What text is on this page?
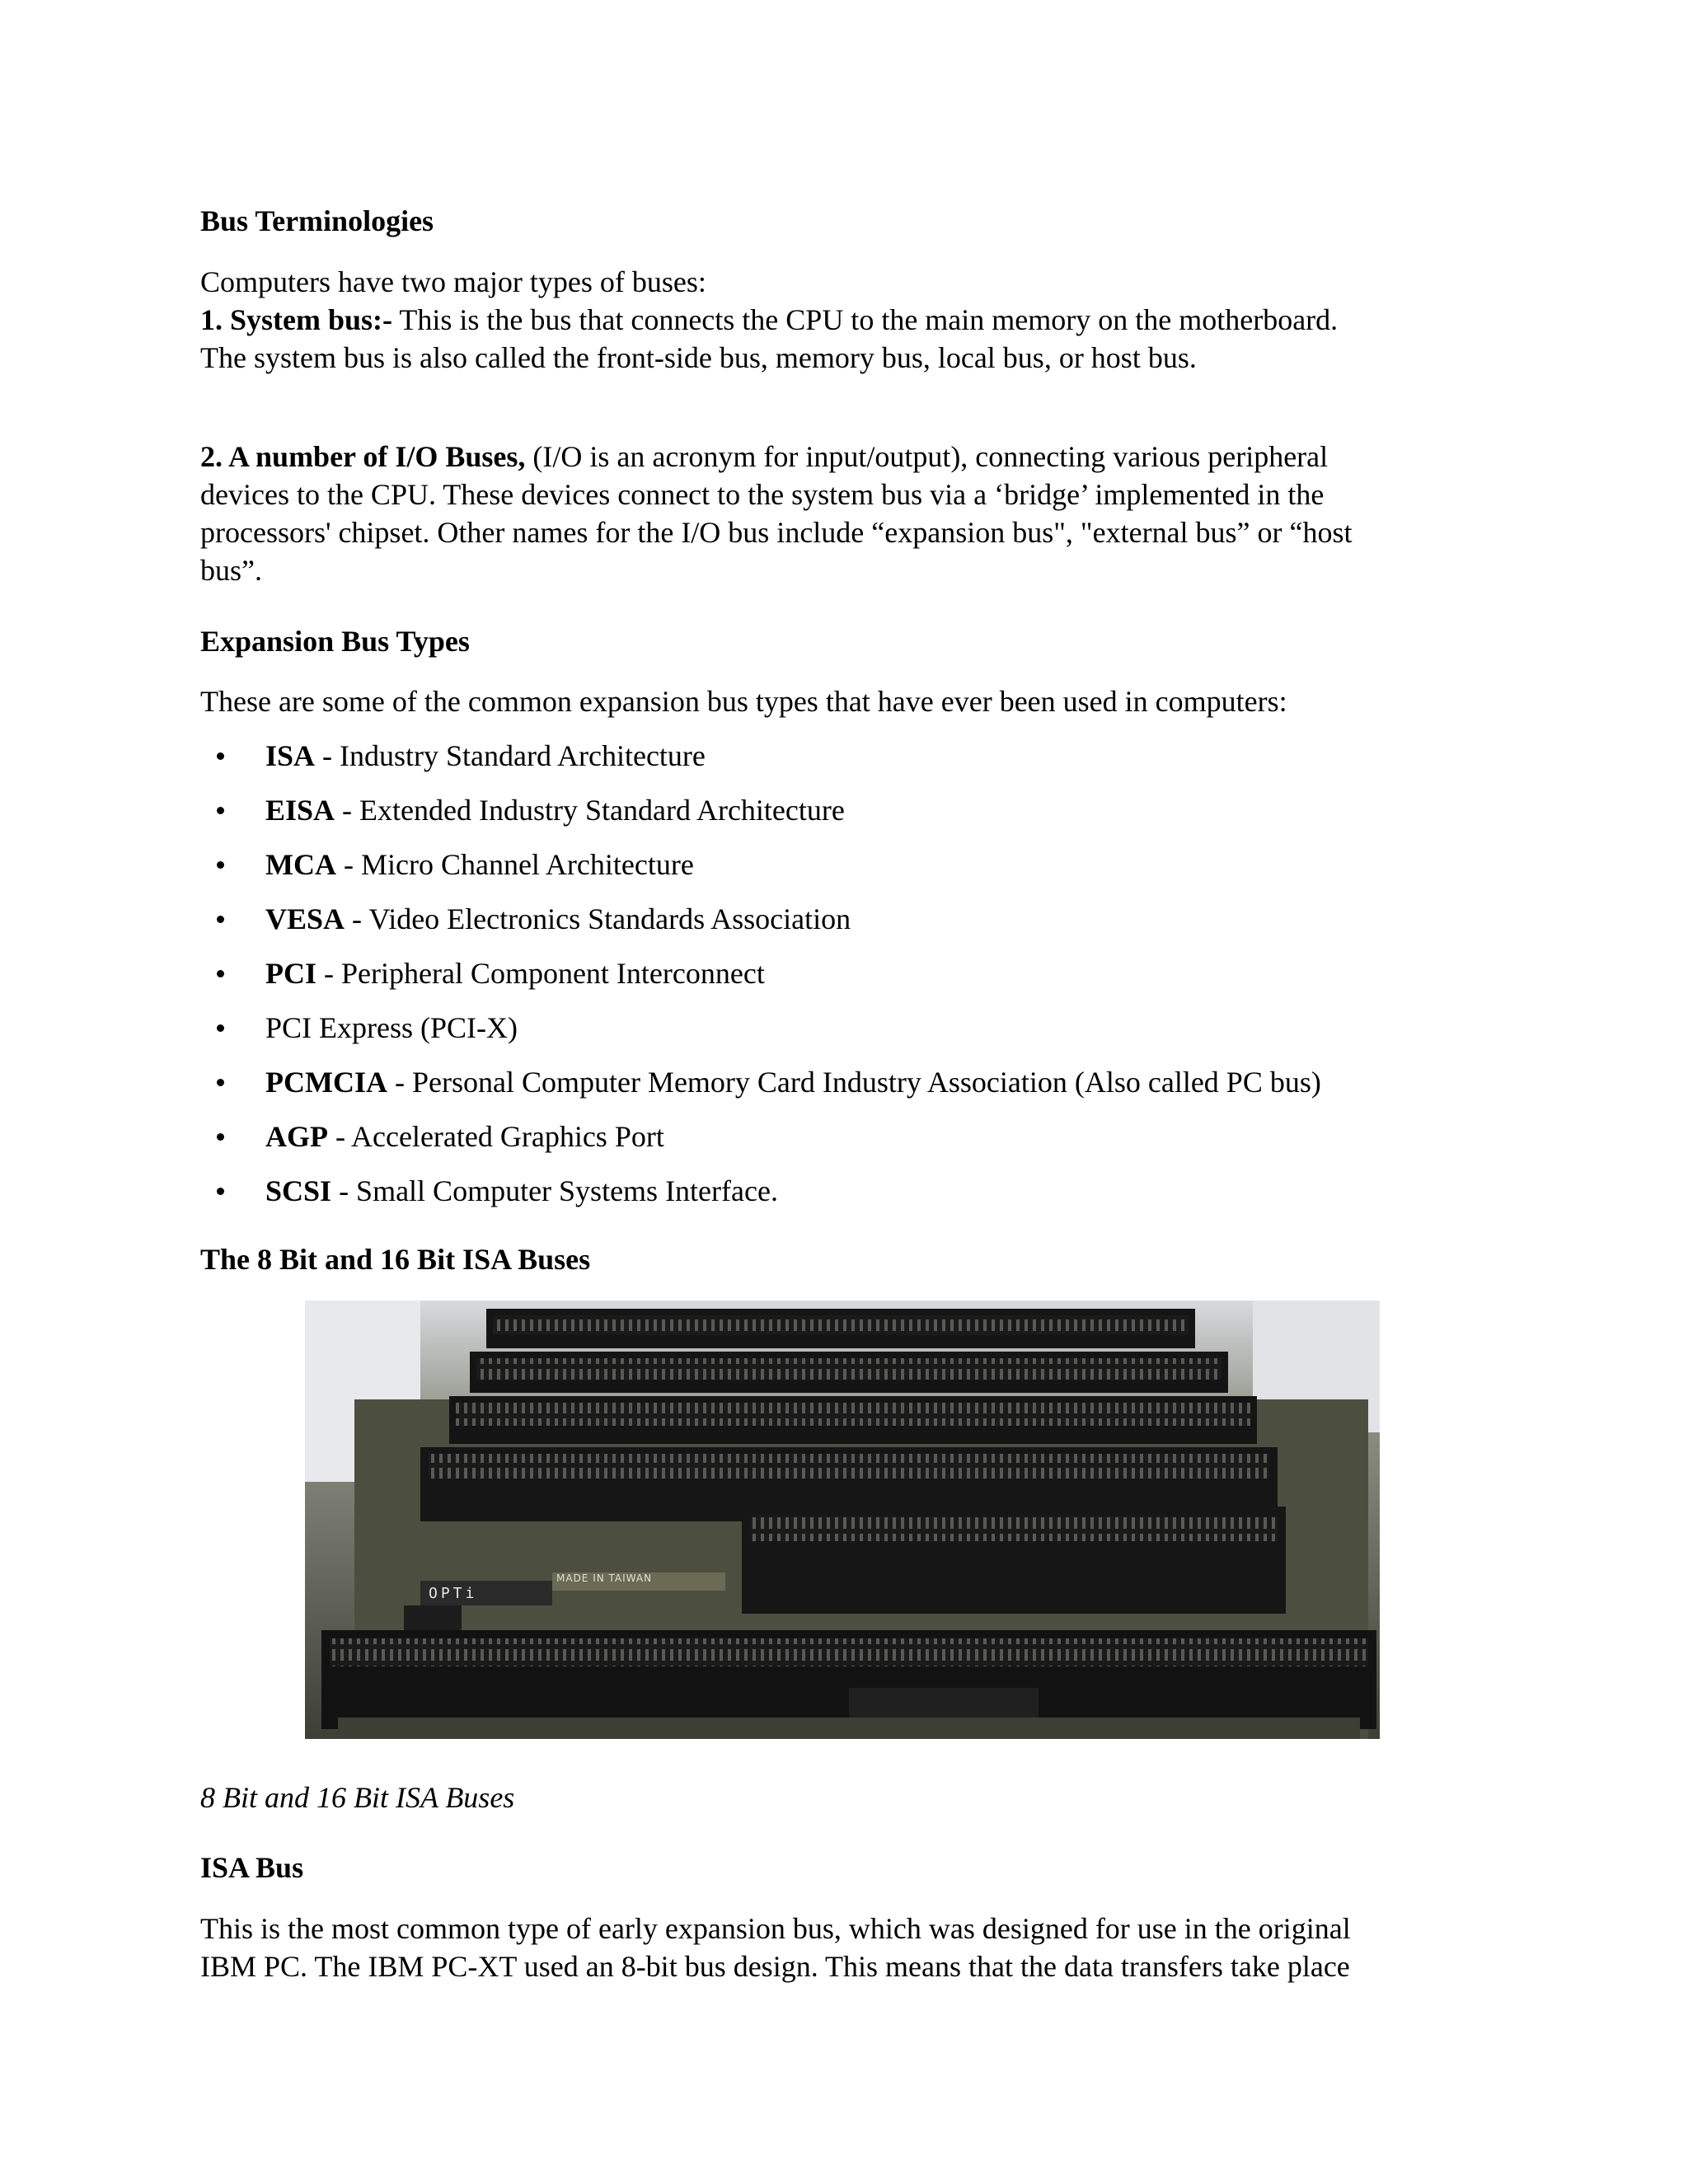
Bus Terminologies

Computers have two major types of buses:

1. System bus:- This is the bus that connects the CPU to the main memory on the motherboard.

The system bus is also called the front-side bus, memory bus, local bus, or host bus.

2. A number of I/O Buses, (I/O is an acronym for input/output), connecting various peripheral

devices to the CPU. These devices connect to the system bus via a ‘bridge’ implemented in the

processors' chipset. Other names for the I/O bus include “expansion bus", "external bus” or “host

bus”.

Expansion Bus Types

These are some of the common expansion bus types that have ever been used in computers:

ISA - Industry Standard Architecture
EISA - Extended Industry Standard Architecture
MCA - Micro Channel Architecture
VESA - Video Electronics Standards Association
PCI - Peripheral Component Interconnect
PCI Express (PCI-X)
PCMCIA - Personal Computer Memory Card Industry Association (Also called PC bus)
AGP - Accelerated Graphics Port
SCSI - Small Computer Systems Interface.

The 8 Bit and 16 Bit ISA Buses

8 Bit and 16 Bit ISA Buses

ISA Bus

This is the most common type of early expansion bus, which was designed for use in the original

IBM PC. The IBM PC-XT used an 8-bit bus design. This means that the data transfers take place

OPTi
MADE IN TAIWAN
